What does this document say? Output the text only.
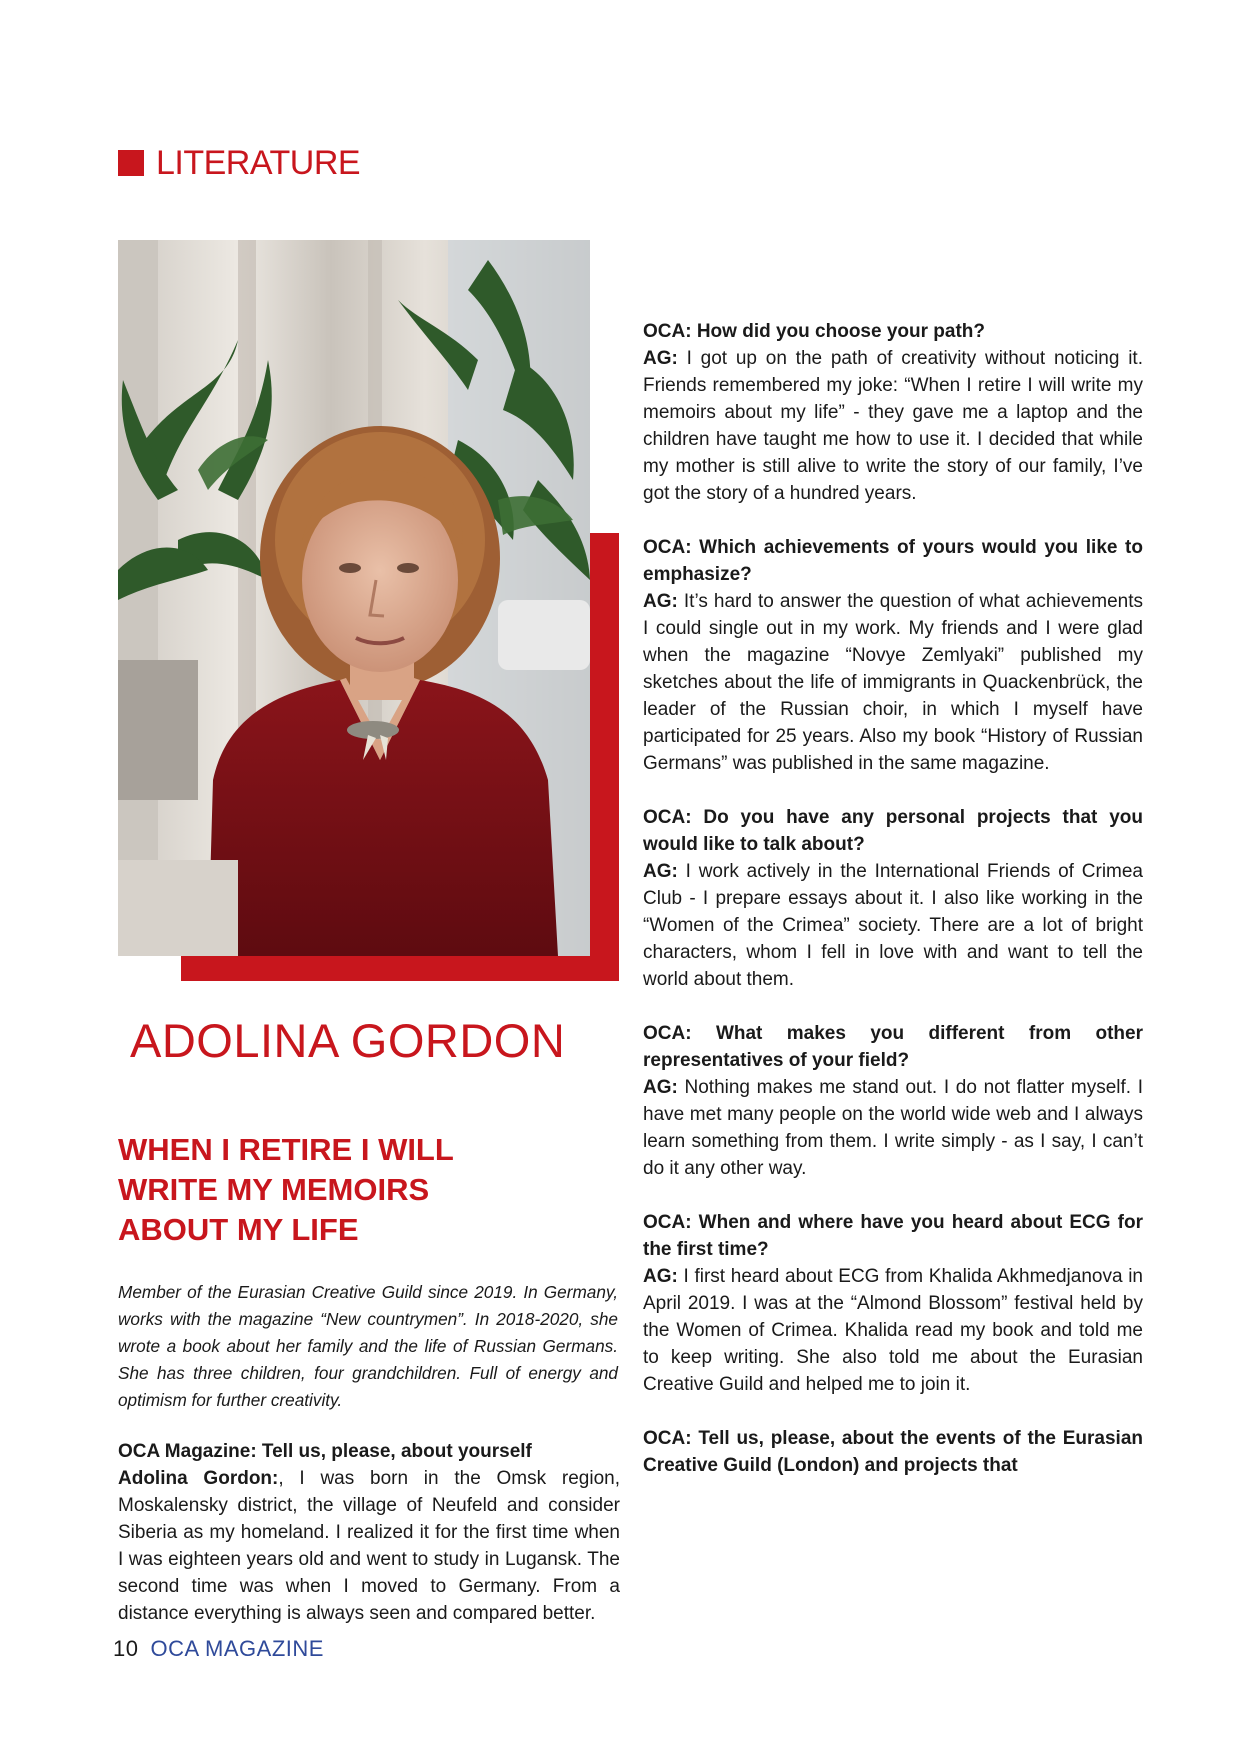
LITERATURE
ADOLINA GORDON
WHEN I RETIRE I WILL
WRITE MY MEMOIRS
ABOUT MY LIFE

Member of the Eurasian Creative Guild since 2019. In Germany, works with the magazine “New countrymen”. In 2018-2020, she wrote a book about her family and the life of Russian Germans. She has three children, four grandchildren. Full of energy and optimism for further creativity.

OCA Magazine: Tell us, please, about yourself

Adolina Gordon:, I was born in the Omsk region, Moskalensky district, the village of Neufeld and consider Siberia as my homeland. I realized it for the first time when I was eighteen years old and went to study in Lugansk. The second time was when I moved to Germany. From a distance everything is always seen and compared better.

OCA: How did you choose your path?

AG: I got up on the path of creativity without noticing it. Friends remembered my joke: “When I retire I will write my memoirs about my life” - they gave me a laptop and the children have taught me how to use it. I decided that while my mother is still alive to write the story of our family, I’ve got the story of a hundred years.

OCA: Which achievements of yours would you like to emphasize?

AG: It’s hard to answer the question of what achievements I could single out in my work. My friends and I were glad when the magazine “Novye Zemlyaki” published my sketches about the life of immigrants in Quackenbrück, the leader of the Russian choir, in which I myself have participated for 25 years. Also my book “History of Russian Germans” was published in the same magazine.

OCA: Do you have any personal projects that you would like to talk about?

AG: I work actively in the International Friends of Crimea Club - I prepare essays about it. I also like working in the “Women of the Crimea” society. There are a lot of bright characters, whom I fell in love with and want to tell the world about them.

OCA: What makes you different from other representatives of your field?

AG: Nothing makes me stand out. I do not flatter myself. I have met many people on the world wide web and I always learn something from them. I write simply - as I say, I can’t do it any other way.

OCA: When and where have you heard about ECG for the first time?

AG: I first heard about ECG from Khalida Akhmedjanova in April 2019. I was at the “Almond Blossom” festival held by the Women of Crimea. Khalida read my book and told me to keep writing. She also told me about the Eurasian Creative Guild and helped me to join it.

OCA: Tell us, please, about the events of the Eurasian Creative Guild (London) and projects that

10 OCA MAGAZINE
